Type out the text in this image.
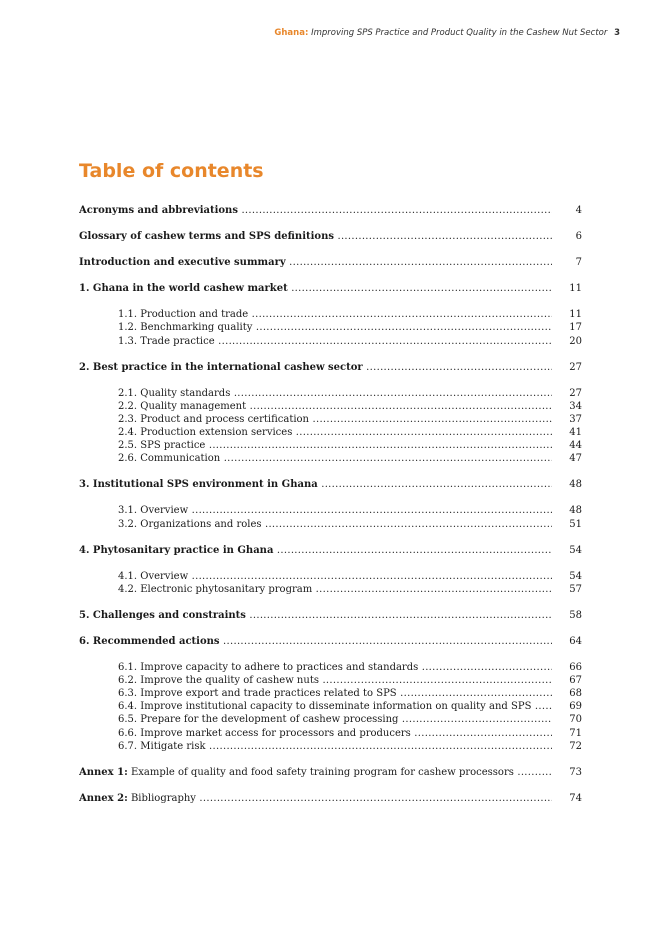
Ghana: Improving SPS Practice and Product Quality in the Cashew Nut Sector 3
Table of contents
Acronyms and abbreviations .....	4
Glossary of cashew terms and SPS definitions .....	6
Introduction and executive summary .....	7
1. Ghana in the world cashew market .....	11
1.1. Production and trade .....	11
1.2. Benchmarking quality .....	17
1.3. Trade practice .....	20
2. Best practice in the international cashew sector .....	27
2.1. Quality standards .....	27
2.2. Quality management .....	34
2.3. Product and process certification .....	37
2.4. Production extension services .....	41
2.5. SPS practice .....	44
2.6. Communication .....	47
3. Institutional SPS environment in Ghana .....	48
3.1. Overview .....	48
3.2. Organizations and roles .....	51
4. Phytosanitary practice in Ghana .....	54
4.1. Overview .....	54
4.2. Electronic phytosanitary program .....	57
5. Challenges and constraints .....	58
6. Recommended actions .....	64
6.1. Improve capacity to adhere to practices and standards .....	66
6.2. Improve the quality of cashew nuts .....	67
6.3. Improve export and trade practices related to SPS .....	68
6.4. Improve institutional capacity to disseminate information on quality and SPS .....	69
6.5. Prepare for the development of cashew processing .....	70
6.6. Improve market access for processors and producers .....	71
6.7. Mitigate risk .....	72
Annex 1: Example of quality and food safety training program for cashew processors .....	73
Annex 2: Bibliography .....	74
